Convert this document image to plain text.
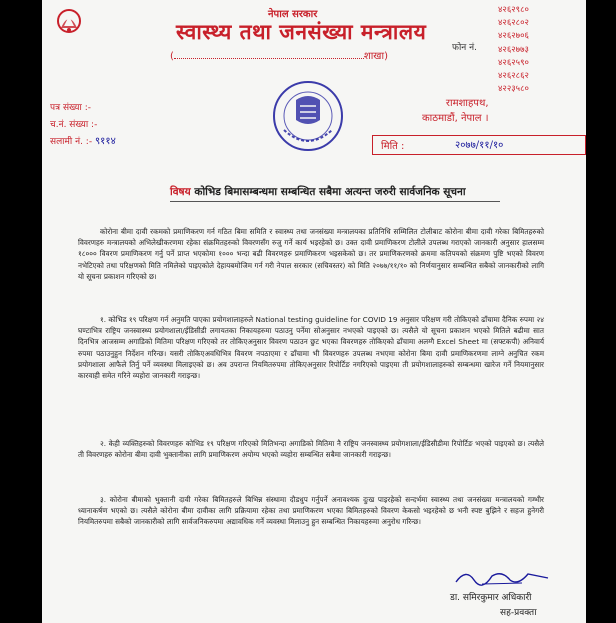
नेपाल सरकार
स्वास्थ्य तथा जनसंख्या मन्त्रालय
(	शाखा)
फोन नं.
४२६२९८०
४२६२८०२
४२६२७०६
४२६२७७३
४२६२५९०
४२६२८६२
४२२३५८०
पत्र संख्या :-
च.नं. संख्या :-
सलामी नं. :- ९११४
रामशाहपथ,
काठमाडौं, नेपाल ।
मिति :	२०७७/११/१०
विषय कोभिड बिमासम्बन्धमा सम्बन्धित सबैमा अत्यन्त जरुरी सार्वजनिक सूचना
कोरोना बीमा दावी रकमको प्रमाणिकरण गर्न गठित बिमा समिति र स्वास्थ्य तथा जनसंख्या मन्त्रालयका प्रतिनिधि सम्मिलित टोलीबाट कोरोना बीमा दावी गरेका बिमितहरुको विवरणहरु मन्त्रालयको अभिलेखीकरणमा रहेका संक्रमितहरुको विवरणसँग रुजु गर्ने कार्य भइरहेको छ। उक्त दावी प्रमाणिकरण टोलीले उपलब्ध गराएको जानकारी अनुसार हालसम्म १८००० विवरण प्रमाणिकरण गर्नु पर्ने प्राप्त भएकोमा १००० भन्दा बढी विवरणहरु प्रमाणिकरण भइसकेको छ। तर प्रमाणिकरणको क्रममा कतिपयको संक्रमण पुष्टि भएको विवरण नभेटिएको तथा परिक्षणको मिति नमिलेको पाइएकोले देहायबमोजिम गर्न गरी नेपाल सरकार (सचिवस्तर) को मिति २०७७/११/१० को निर्णयानुसार सम्बन्धित सबैको जानकारीको लागि यो सूचना प्रकाशन गरिएको छ।
१. कोभिड १९ परिक्षण गर्न अनुमति पाएका प्रयोगशालाहरुले National testing guideline for COVID 19 अनुसार परिक्षण गरी तोकिएको ढाँचामा दैनिक रुपमा २४ घण्टाभित्र राष्ट्रिय जनस्वास्थ्य प्रयोगशाला/ईडिसीडी लगायतका निकायहरुमा पठाउनु पर्नेमा सोअनुसार नभएको पाइएको छ। त्यसैले यो सूचना प्रकाशन भएको मितिले बढीमा सात दिनभित्र आजसम्म अगाडिको मितिमा परिक्षण गरिएको तर तोकिएअनुसार विवरण पठाउन छुट भएका विवरणहरु तोकिएको ढाँचामा अलग्गै Excel Sheet मा (सफ्टकपी) अनिवार्य रुपमा पठाउनुहुन निर्देशन गरिन्छ। यसरी तोकिएअवधिभित्र विवरण नपठाएमा र ढाँचामा भी विवरणहरु उपलब्ध नभएमा कोरोना बिमा दावी प्रमाणिकरणमा लाग्ने अनुचित रकम प्रयोगशाला आफैले तिर्नु पर्ने व्यवस्था मिलाइएको छ। अव उपरान्त नियमितरुपमा तोकिएअनुसार रिपोर्टिङ नगरिएको पाइएमा ती प्रयोगशालाहरुको सम्बन्धमा खारेज गर्ने नियमानुसार कारवाही समेत गरिने व्यहोरा जानकारी गराइन्छ।
२. केही व्यक्तिहरुको विवरणहरु कोभिड १९ परिक्षण गरिएको मितिभन्दा अगाडिको मितिमा नै राष्ट्रिय जनस्वास्थ्य प्रयोगशाला/ईडिसीडीमा रिपोर्टिङ भएको पाइएको छ। त्यसैले ती विवरणहरु कोरोना बीमा दावी भुक्तानीका लागि प्रमाणिकरण अयोग्य भएको व्यहोरा सम्बन्धित सबैमा जानकारी गराइन्छ।
३. कोरोना बीमाको भुक्तानी दावी गरेका बिमितहरुले बिभिन्न संस्थामा दौडधुप गर्नुपर्ने अनावश्यक दुःख पाइरहेको सन्दर्भमा स्वास्थ्य तथा जनसंख्या मन्त्रालयको गम्भीर ध्यानाकर्षण भएको छ। त्यसैले कोरोना बीमा दावीका लागि प्रक्रियामा रहेका तथा प्रमाणिकरण भएका बिमितहरुको विवरण केकसो भइरहेको छ भनी स्पष्ट बुझिने र सहज हुनेगरी नियमितरुपमा सबैको जानकारीको लागि सार्वजनिकरुपमा अद्यावधिक गर्ने व्यवस्था मिलाउनु हुन सम्बन्धित निकायहरुमा अनुरोध गरिन्छ।
डा. समिरकुमार अधिकारी
सह-प्रवक्ता
